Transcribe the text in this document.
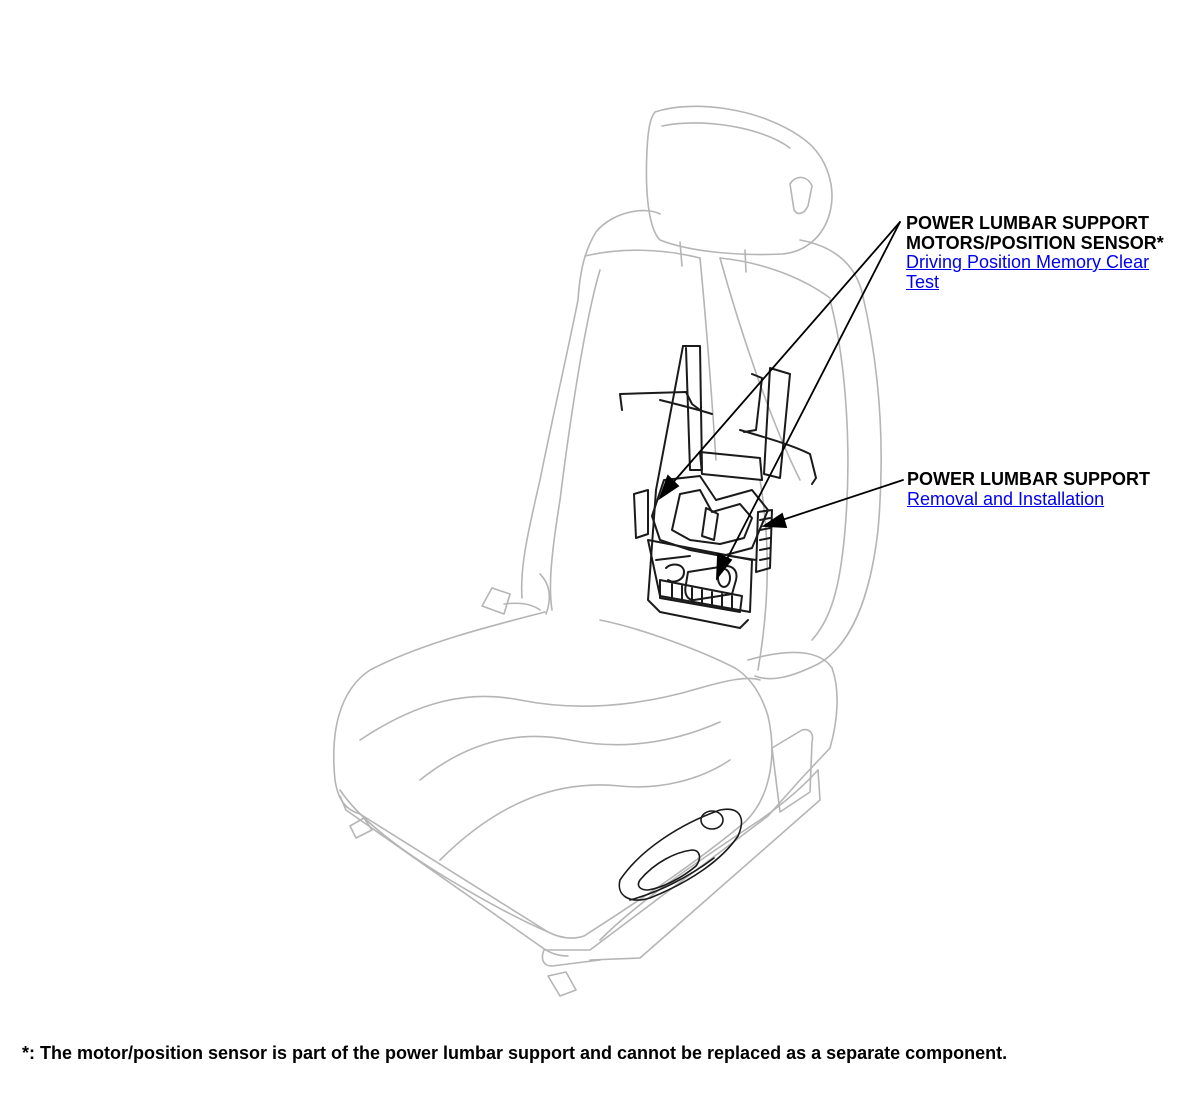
POWER LUMBAR SUPPORT
MOTORS/POSITION SENSOR*
Driving Position Memory Clear
Test
POWER LUMBAR SUPPORT
Removal and Installation
*: The motor/position sensor is part of the power lumbar support and cannot be replaced as a separate component.
